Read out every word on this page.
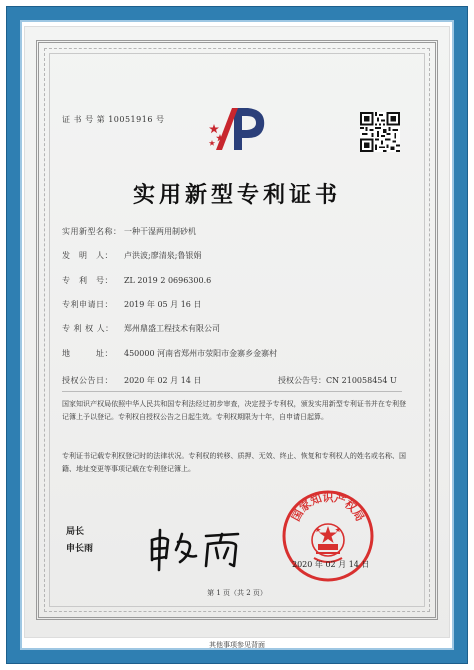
证 书 号 第 10051916 号
实用新型专利证书
实用新型名称： 一种干湿两用制砂机
发　明　人： 卢洪波;廖清泉;鲁银娟
专　利　号： ZL 2019 2 0696300.6
专利申请日： 2019 年 05 月 16 日
专 利 权 人： 郑州鼎盛工程技术有限公司
地　　　址： 450000 河南省郑州市荥阳市金寨乡金寨村
授权公告日： 2020 年 02 月 14 日	授权公告号：CN 210058454 U
国家知识产权局依照中华人民共和国专利法经过初步审查，决定授予专利权，颁发实用新型专利证书并在专利登记簿上予以登记。专利权自授权公告之日起生效。专利权期限为十年，自申请日起算。
专利证书记载专利权登记时的法律状况。专利权的转移、质押、无效、终止、恢复和专利权人的姓名或名称、国籍、地址变更等事项记载在专利登记簿上。
局长
申长雨
国家知识产权局
2020 年 02 月 14 日
第 1 页（共 2 页）
其他事项参见背面
